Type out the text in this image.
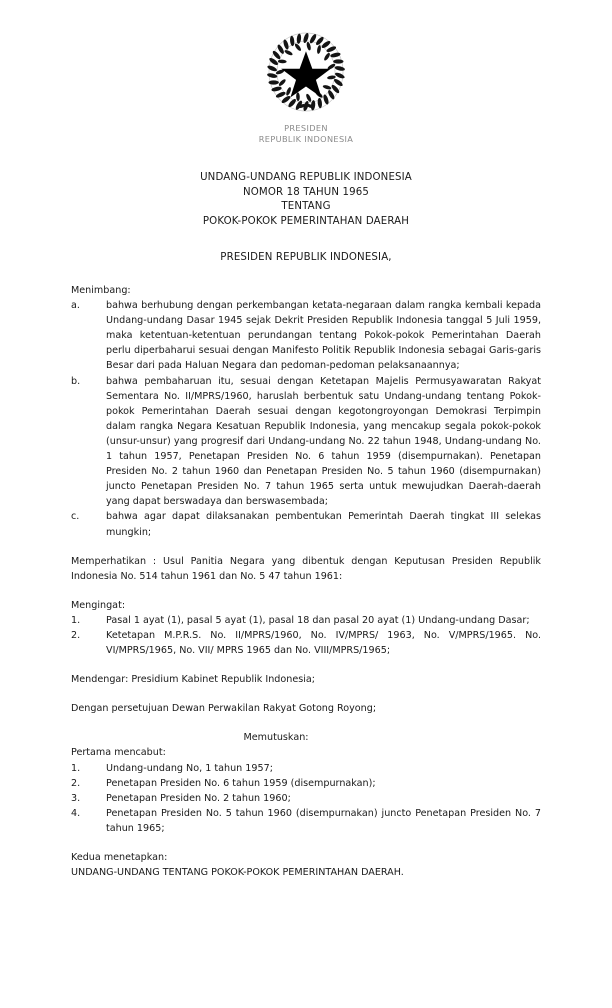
PRESIDEN
REPUBLIK INDONESIA
UNDANG-UNDANG REPUBLIK INDONESIA
NOMOR 18 TAHUN 1965
TENTANG
POKOK-POKOK PEMERINTAHAN DAERAH
PRESIDEN REPUBLIK INDONESIA,
Menimbang:
a.	bahwa berhubung dengan perkembangan ketata-negaraan dalam rangka kembali kepada Undang-undang Dasar 1945 sejak Dekrit Presiden Republik Indonesia tanggal 5 Juli 1959, maka ketentuan-ketentuan perundangan tentang Pokok-pokok Pemerintahan Daerah perlu diperbaharui sesuai dengan Manifesto Politik Republik Indonesia sebagai Garis-garis Besar dari pada Haluan Negara dan pedoman-pedoman pelaksanaannya;
b.	bahwa pembaharuan itu, sesuai dengan Ketetapan Majelis Permusyawaratan Rakyat Sementara No. II/MPRS/1960, haruslah berbentuk satu Undang-undang tentang Pokok-pokok Pemerintahan Daerah sesuai dengan kegotongroyongan Demokrasi Terpimpin dalam rangka Negara Kesatuan Republik Indonesia, yang mencakup segala pokok-pokok (unsur-unsur) yang progresif dari Undang-undang No. 22 tahun 1948, Undang-undang No. 1 tahun 1957, Penetapan Presiden No. 6 tahun 1959 (disempurnakan). Penetapan Presiden No. 2 tahun 1960 dan Penetapan Presiden No. 5 tahun 1960 (disempurnakan) juncto Penetapan Presiden No. 7 tahun 1965 serta untuk mewujudkan Daerah-daerah yang dapat berswadaya dan berswasembada;
c.	bahwa agar dapat dilaksanakan pembentukan Pemerintah Daerah tingkat III selekas mungkin;
Memperhatikan : Usul Panitia Negara yang dibentuk dengan Keputusan Presiden Republik Indonesia No. 514 tahun 1961 dan No. 5 47 tahun 1961:
Mengingat:
1.	Pasal 1 ayat (1), pasal 5 ayat (1), pasal 18 dan pasal 20 ayat (1) Undang-undang Dasar;
2.	Ketetapan M.P.R.S. No. II/MPRS/1960, No. IV/MPRS/ 1963, No. V/MPRS/1965. No. VI/MPRS/1965, No. VII/ MPRS 1965 dan No. VIII/MPRS/1965;
Mendengar: Presidium Kabinet Republik Indonesia;
Dengan persetujuan Dewan Perwakilan Rakyat Gotong Royong;
Memutuskan:
Pertama mencabut:
1.	Undang-undang No, 1 tahun 1957;
2.	Penetapan Presiden No. 6 tahun 1959 (disempurnakan);
3.	Penetapan Presiden No. 2 tahun 1960;
4.	Penetapan Presiden No. 5 tahun 1960 (disempurnakan) juncto Penetapan Presiden No. 7 tahun 1965;
Kedua menetapkan:
UNDANG-UNDANG TENTANG POKOK-POKOK PEMERINTAHAN DAERAH.
